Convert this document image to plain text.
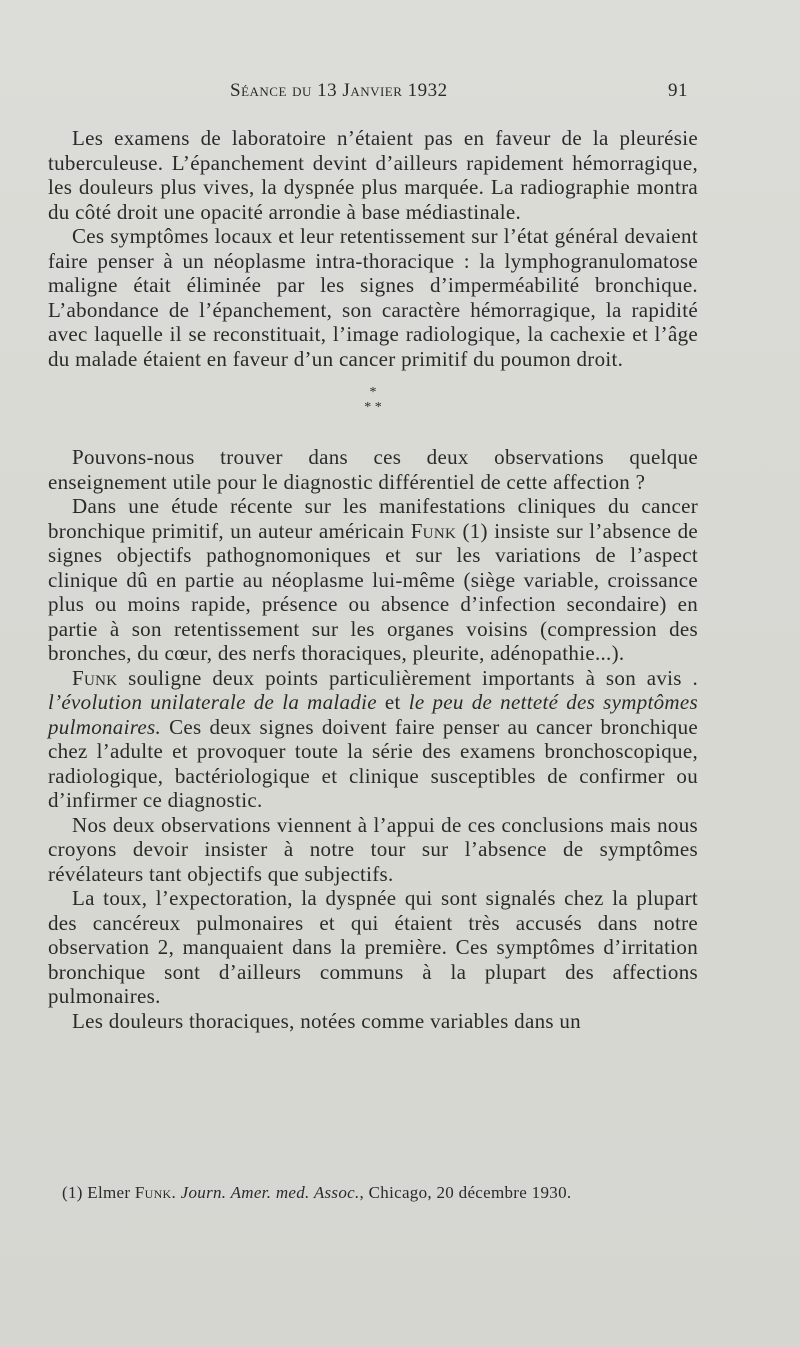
Séance du 13 Janvier 1932	91

Les examens de laboratoire n’étaient pas en faveur de la pleurésie tuberculeuse. L’épanchement devint d’ailleurs rapidement hémorragique, les douleurs plus vives, la dyspnée plus marquée. La radiographie montra du côté droit une opacité arrondie à base médiastinale.

Ces symptômes locaux et leur retentissement sur l’état général devaient faire penser à un néoplasme intra-thoracique : la lymphogranulomatose maligne était éliminée par les signes d’imperméabilité bronchique. L’abondance de l’épanchement, son caractère hémorragique, la rapidité avec laquelle il se reconstituait, l’image radiologique, la cachexie et l’âge du malade étaient en faveur d’un cancer primitif du poumon droit.

*
* *

Pouvons-nous trouver dans ces deux observations quelque enseignement utile pour le diagnostic différentiel de cette affection ?

Dans une étude récente sur les manifestations cliniques du cancer bronchique primitif, un auteur américain Funk (1) insiste sur l’absence de signes objectifs pathognomoniques et sur les variations de l’aspect clinique dû en partie au néoplasme lui-même (siège variable, croissance plus ou moins rapide, présence ou absence d’infection secondaire) en partie à son retentissement sur les organes voisins (compression des bronches, du cœur, des nerfs thoraciques, pleurite, adénopathie...).

Funk souligne deux points particulièrement importants à son avis . l’évolution unilaterale de la maladie et le peu de netteté des symptômes pulmonaires. Ces deux signes doivent faire penser au cancer bronchique chez l’adulte et provoquer toute la série des examens bronchoscopique, radiologique, bactériologique et clinique susceptibles de confirmer ou d’infirmer ce diagnostic.

Nos deux observations viennent à l’appui de ces conclusions mais nous croyons devoir insister à notre tour sur l’absence de symptômes révélateurs tant objectifs que subjectifs.

La toux, l’expectoration, la dyspnée qui sont signalés chez la plupart des cancéreux pulmonaires et qui étaient très accusés dans notre observation 2, manquaient dans la première. Ces symptômes d’irritation bronchique sont d’ailleurs communs à la plupart des affections pulmonaires.

Les douleurs thoraciques, notées comme variables dans un

(1) Elmer Funk. Journ. Amer. med. Assoc., Chicago, 20 décembre 1930.
